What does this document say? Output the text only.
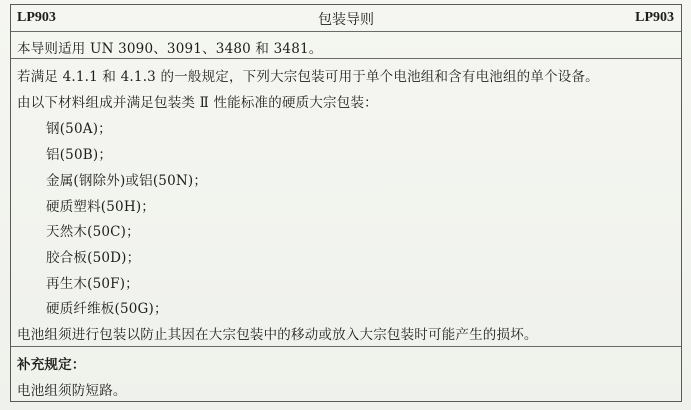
LP903	包装导则	LP903
本导则适用 UN 3090、3091、3480 和 3481。
若满足 4.1.1 和 4.1.3 的一般规定，下列大宗包装可用于单个电池组和含有电池组的单个设备。
由以下材料组成并满足包装类 Ⅱ 性能标准的硬质大宗包装：
钢(50A)；
铝(50B)；
金属(钢除外)或铝(50N)；
硬质塑料(50H)；
天然木(50C)；
胶合板(50D)；
再生木(50F)；
硬质纤维板(50G)；
电池组须进行包装以防止其因在大宗包装中的移动或放入大宗包装时可能产生的损坏。
补充规定：
电池组须防短路。
